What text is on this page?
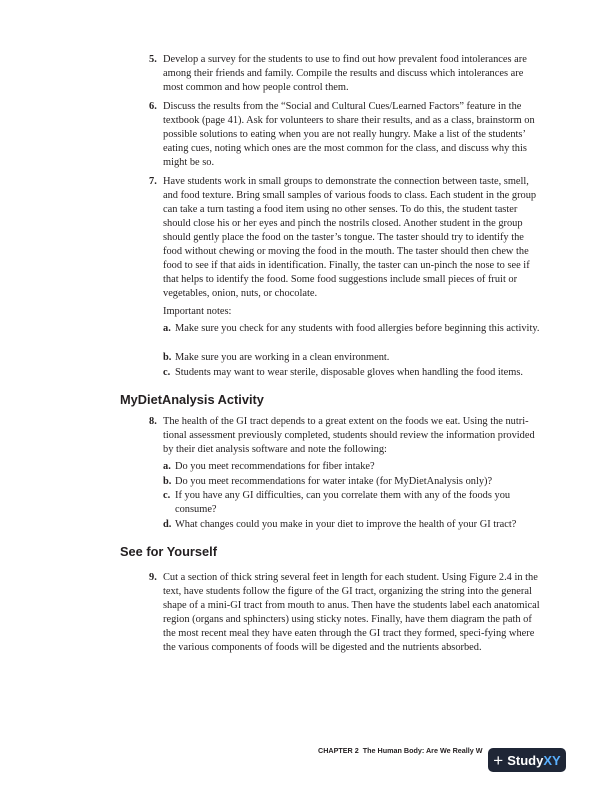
5. Develop a survey for the students to use to find out how prevalent food intolerances are among their friends and family. Compile the results and discuss which intolerances are most common and how people control them.
6. Discuss the results from the “Social and Cultural Cues/Learned Factors” feature in the textbook (page 41). Ask for volunteers to share their results, and as a class, brainstorm on possible solutions to eating when you are not really hungry. Make a list of the students’ eating cues, noting which ones are the most common for the class, and discuss why this might be so.
7. Have students work in small groups to demonstrate the connection between taste, smell, and food texture. Bring small samples of various foods to class. Each student in the group can take a turn tasting a food item using no other senses. To do this, the student taster should close his or her eyes and pinch the nostrils closed. Another student in the group should gently place the food on the taster’s tongue. The taster should try to identify the food without chewing or moving the food in the mouth. The taster should then chew the food to see if that aids in identification. Finally, the taster can un-pinch the nose to see if that helps to identify the food. Some food suggestions include small pieces of fruit or vegetables, onion, nuts, or chocolate.
Important notes:
a. Make sure you check for any students with food allergies before beginning this activity.
b. Make sure you are working in a clean environment.
c. Students may want to wear sterile, disposable gloves when handling the food items.
MyDietAnalysis Activity
8. The health of the GI tract depends to a great extent on the foods we eat. Using the nutri-tional assessment previously completed, students should review the information provided by their diet analysis software and note the following:
a. Do you meet recommendations for fiber intake?
b. Do you meet recommendations for water intake (for MyDietAnalysis only)?
c. If you have any GI difficulties, can you correlate them with any of the foods you consume?
d. What changes could you make in your diet to improve the health of your GI tract?
See for Yourself
9. Cut a section of thick string several feet in length for each student. Using Figure 2.4 in the text, have students follow the figure of the GI tract, organizing the string into the general shape of a mini-GI tract from mouth to anus. Then have the students label each anatomical region (organs and sphincters) using sticky notes. Finally, have them diagram the path of the most recent meal they have eaten through the GI tract they formed, speci-fying where the various components of foods will be digested and the nutrients absorbed.
CHAPTER 2 The Human Body: Are We Really W + Study XY
